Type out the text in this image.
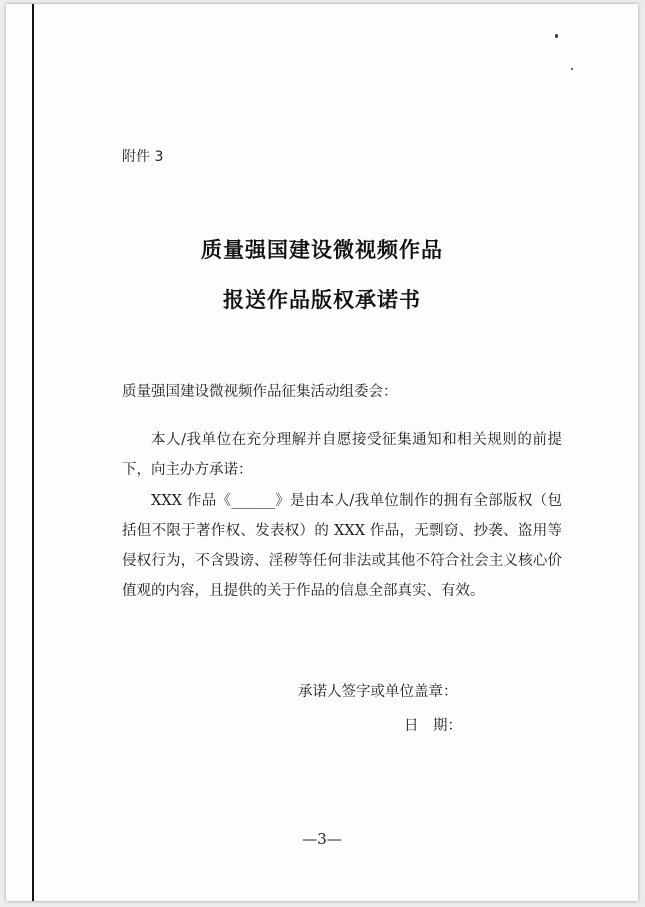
附件 3
质量强国建设微视频作品
报送作品版权承诺书
质量强国建设微视频作品征集活动组委会：
本人/我单位在充分理解并自愿接受征集通知和相关规则的前提下，向主办方承诺：
XXX 作品《______》是由本人/我单位制作的拥有全部版权（包括但不限于著作权、发表权）的 XXX 作品，无剽窃、抄袭、盗用等侵权行为，不含毁谤、淫秽等任何非法或其他不符合社会主义核心价值观的内容，且提供的关于作品的信息全部真实、有效。
承诺人签字或单位盖章：
日　期：
—3—
